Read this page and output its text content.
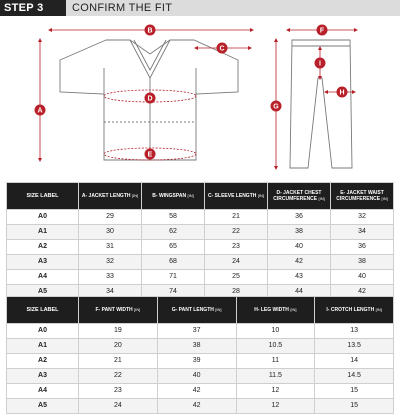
STEP 3	CONFIRM THE FIT
A
B
C
D
E
F
G
H
I
SIZE LABEL	A- JACKET LENGTH [IN]	B- WINGSPAN [IN]	C- SLEEVE LENGTH [IN]	D- JACKET CHEST CIRCUMFERENCE [IN]	E- JACKET WAIST CIRCUMFERENCE [IN]
A0	29	58	21	36	32
A1	30	62	22	38	34
A2	31	65	23	40	36
A3	32	68	24	42	38
A4	33	71	25	43	40
A5	34	74	28	44	42
SIZE LABEL	F- PANT WIDTH [IN]	G- PANT LENGTH [IN]	H- LEG WIDTH [IN]	I- CROTCH LENGTH [IN]
A0	19	37	10	13
A1	20	38	10.5	13.5
A2	21	39	11	14
A3	22	40	11.5	14.5
A4	23	42	12	15
A5	24	42	12	15
